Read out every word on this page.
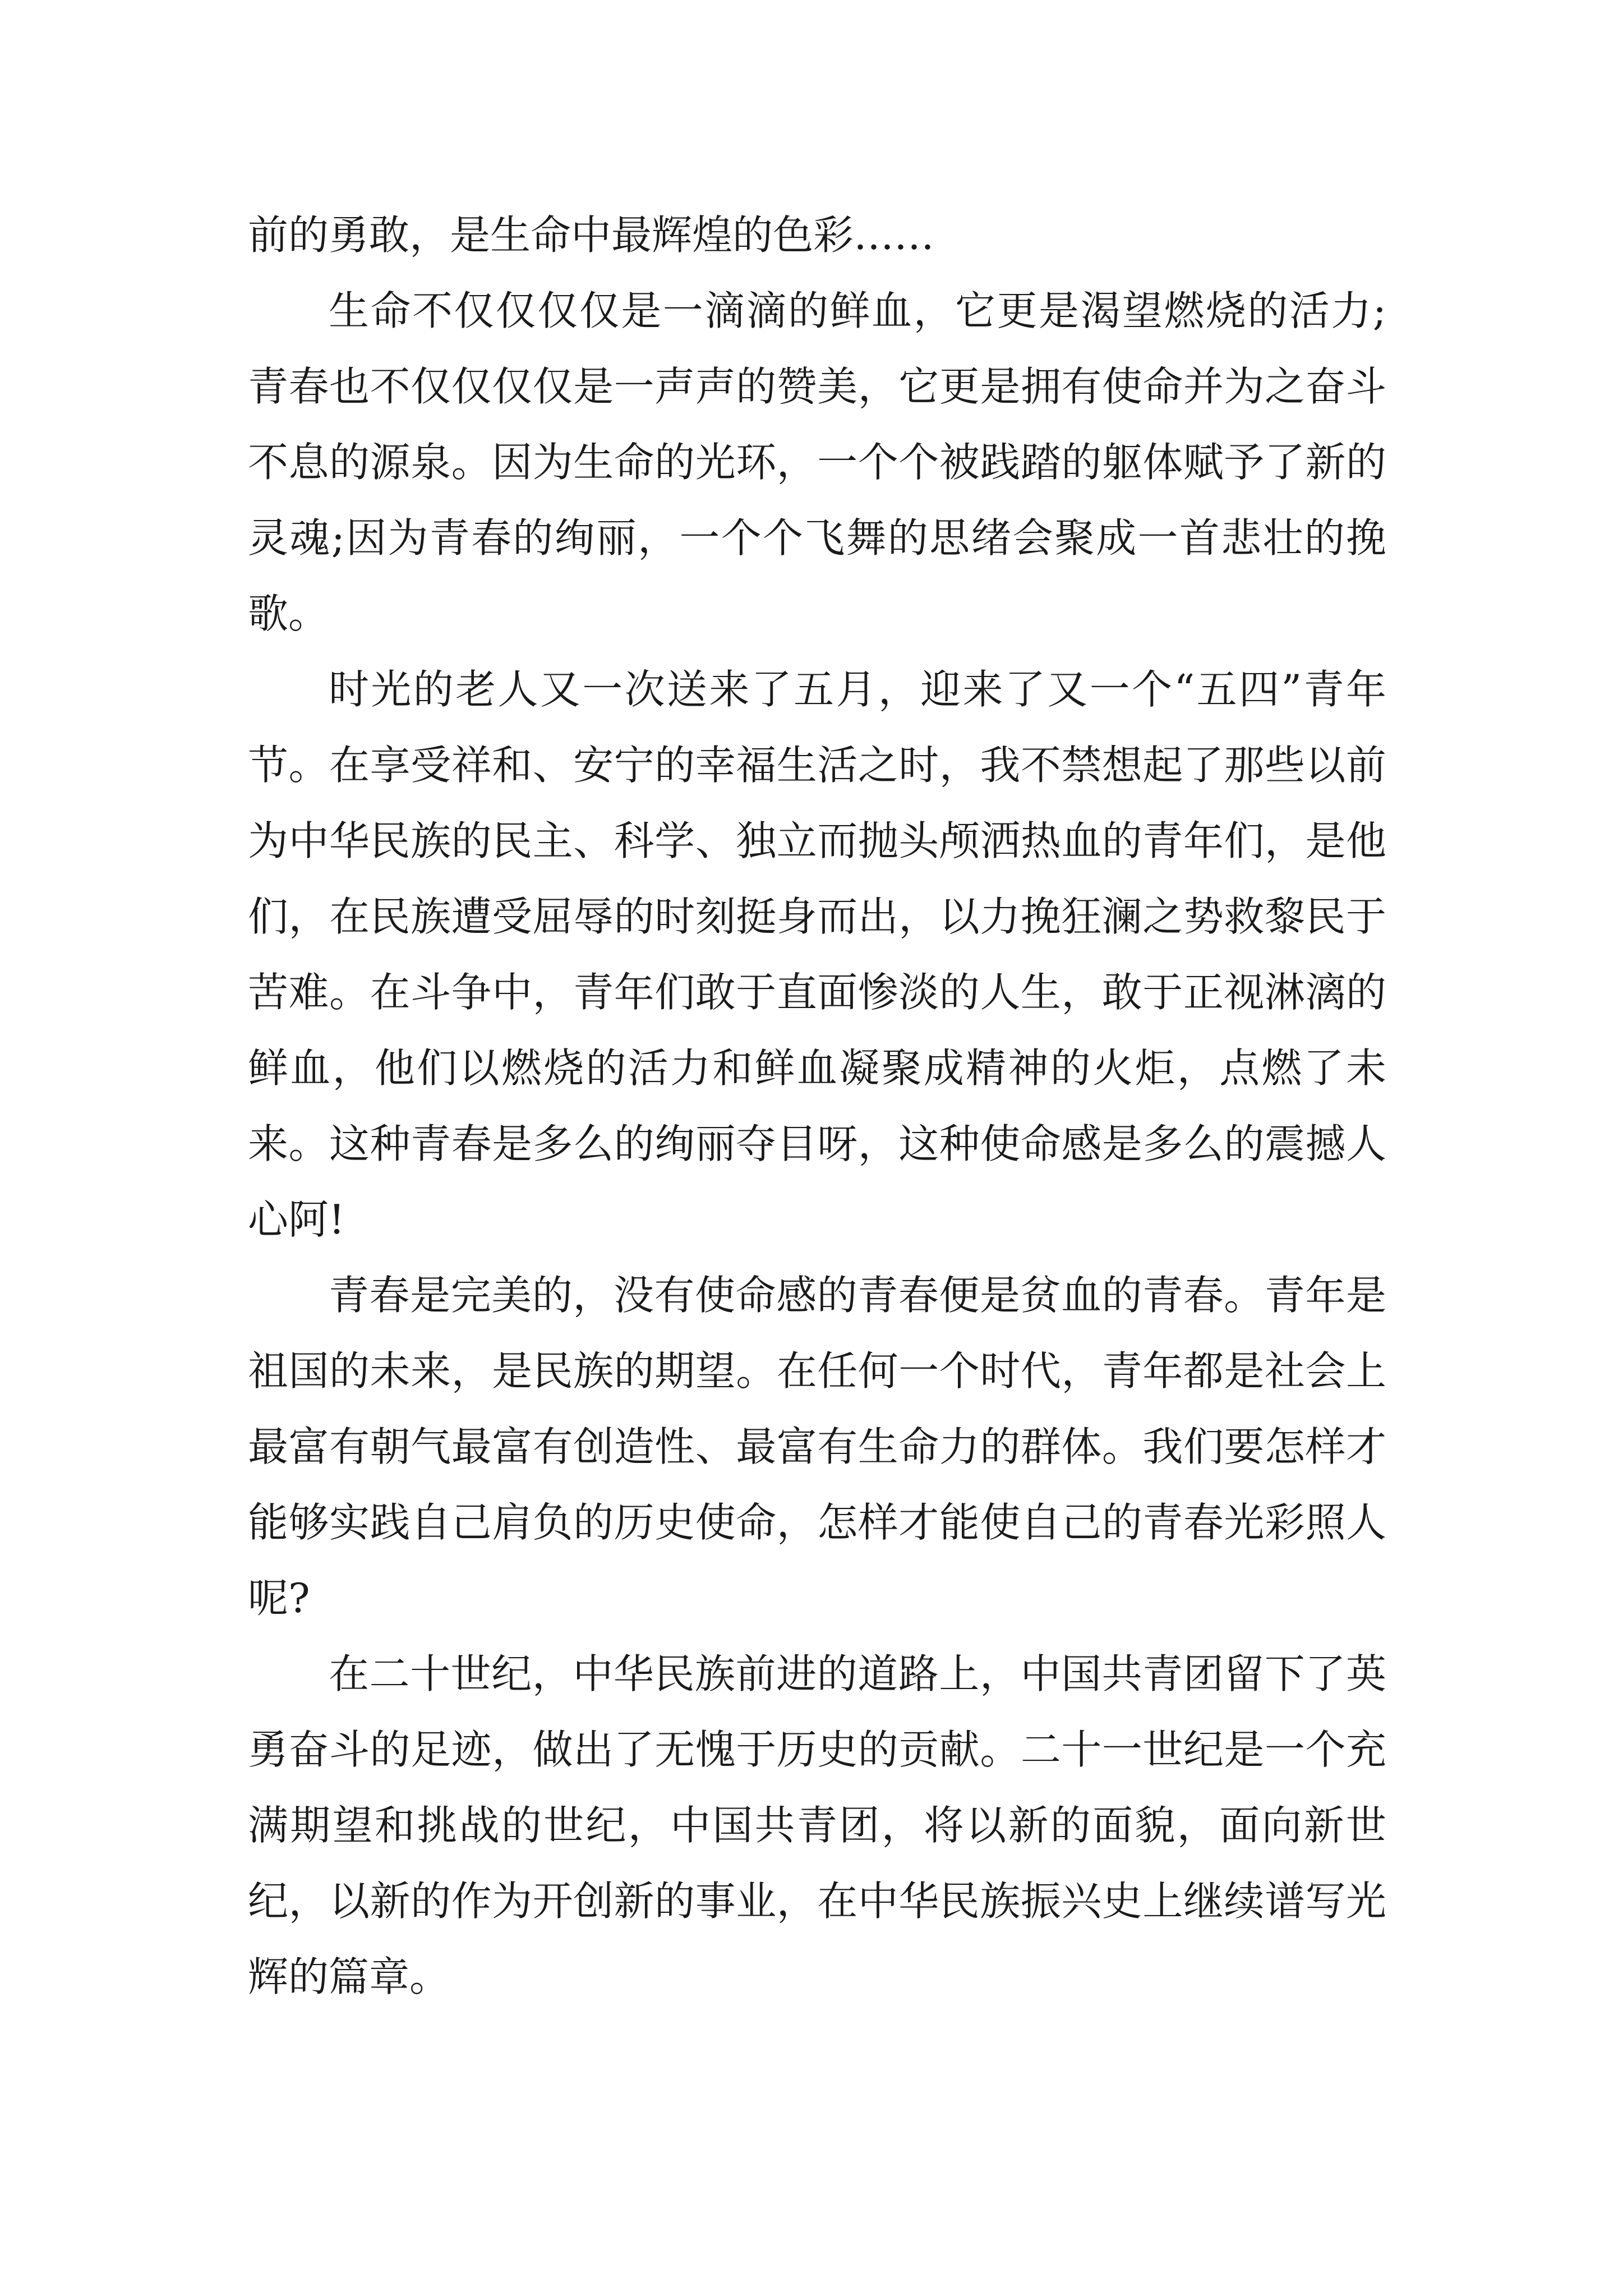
前的勇敢，是生命中最辉煌的色彩……

生命不仅仅仅仅是一滴滴的鲜血，它更是渴望燃烧的活力;青春也不仅仅仅仅是一声声的赞美，它更是拥有使命并为之奋斗不息的源泉。因为生命的光环，一个个被践踏的躯体赋予了新的灵魂;因为青春的绚丽，一个个飞舞的思绪会聚成一首悲壮的挽歌。

时光的老人又一次送来了五月，迎来了又一个“五四”青年节。在享受祥和、安宁的幸福生活之时，我不禁想起了那些以前为中华民族的民主、科学、独立而抛头颅洒热血的青年们，是他们，在民族遭受屈辱的时刻挺身而出，以力挽狂澜之势救黎民于苦难。在斗争中，青年们敢于直面惨淡的人生，敢于正视淋漓的鲜血，他们以燃烧的活力和鲜血凝聚成精神的火炬，点燃了未来。这种青春是多么的绚丽夺目呀，这种使命感是多么的震撼人心阿!

青春是完美的，没有使命感的青春便是贫血的青春。青年是祖国的未来，是民族的期望。在任何一个时代，青年都是社会上最富有朝气最富有创造性、最富有生命力的群体。我们要怎样才能够实践自己肩负的历史使命，怎样才能使自己的青春光彩照人呢?

在二十世纪，中华民族前进的道路上，中国共青团留下了英勇奋斗的足迹，做出了无愧于历史的贡献。二十一世纪是一个充满期望和挑战的世纪，中国共青团，将以新的面貌，面向新世纪，以新的作为开创新的事业，在中华民族振兴史上继续谱写光辉的篇章。
